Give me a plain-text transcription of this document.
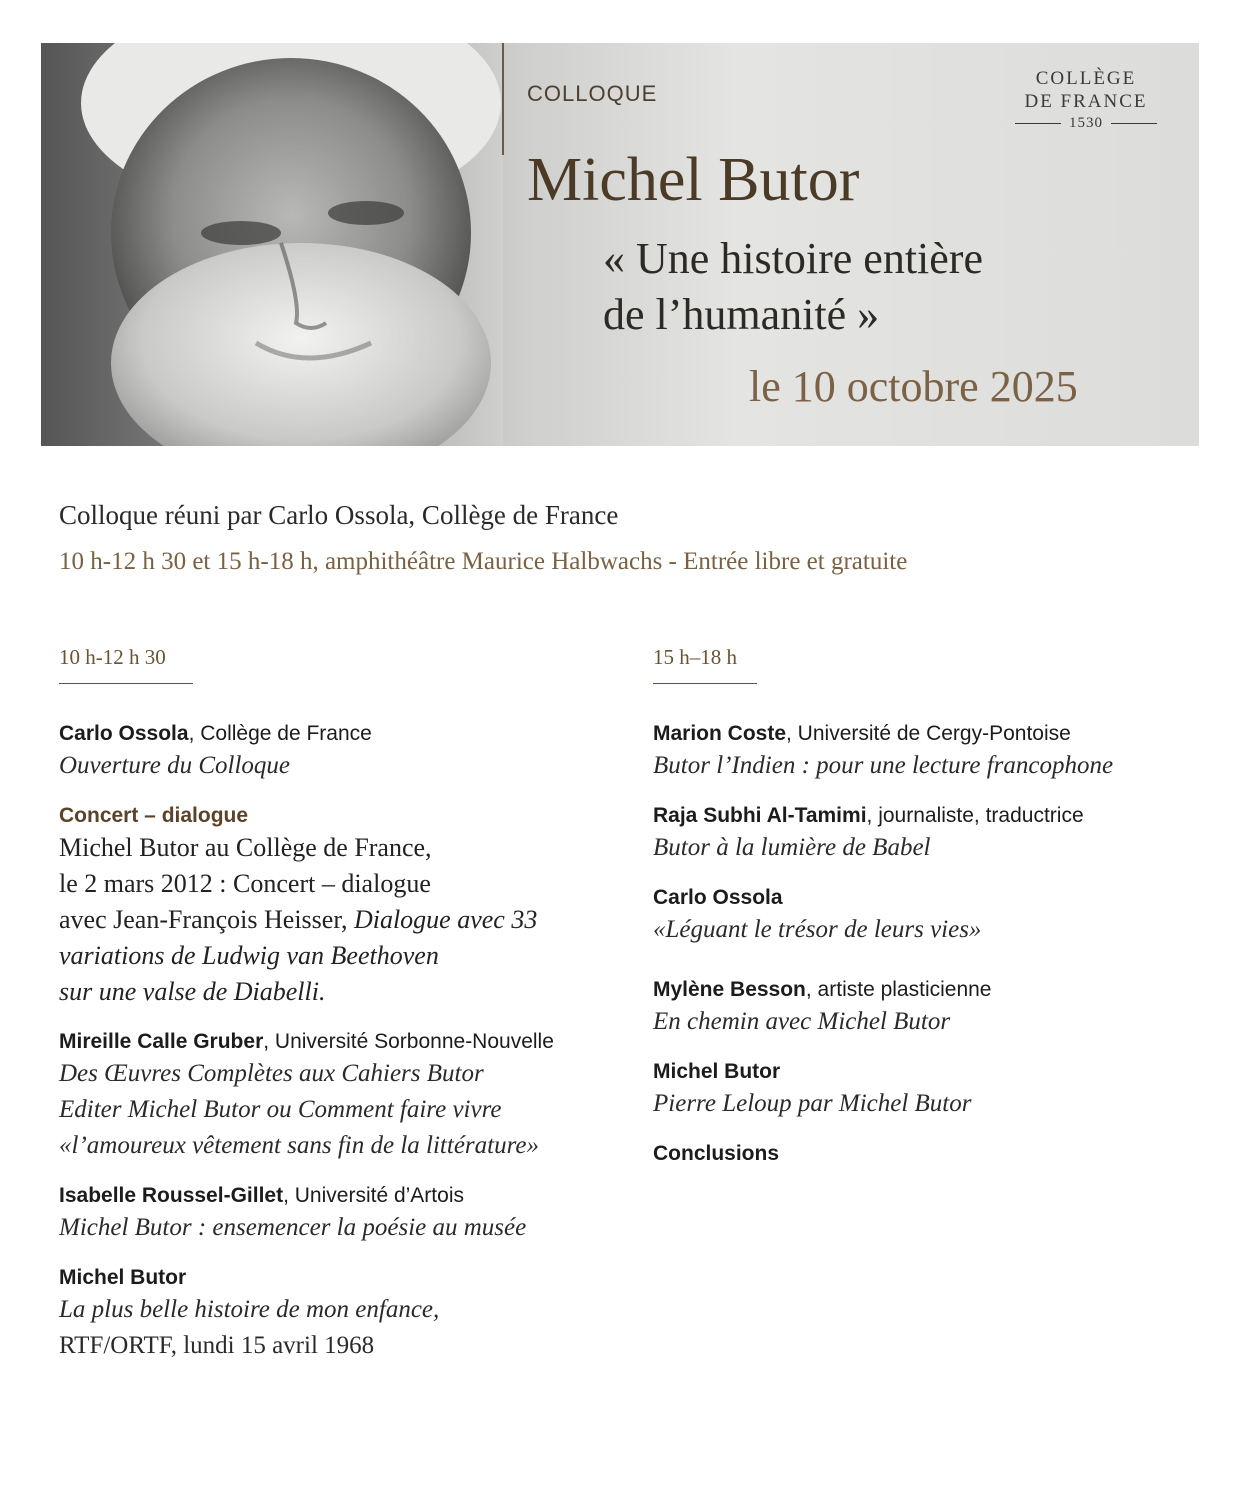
COLLOQUE
COLLÈGE
DE FRANCE
1530
Michel Butor
« Une histoire entière
de l’humanité »
le 10 octobre 2025
Colloque réuni par Carlo Ossola, Collège de France
10 h-12 h 30 et 15 h-18 h, amphithéâtre Maurice Halbwachs - Entrée libre et gratuite
10 h-12 h 30
Carlo Ossola, Collège de France
Ouverture du Colloque
Concert – dialogue
Michel Butor au Collège de France,
le 2 mars 2012 : Concert – dialogue
avec Jean-François Heisser, Dialogue avec 33
variations de Ludwig van Beethoven
sur une valse de Diabelli.
Mireille Calle Gruber, Université Sorbonne-Nouvelle
Des Œuvres Complètes aux Cahiers Butor
Editer Michel Butor ou Comment faire vivre
«l’amoureux vêtement sans fin de la littérature»
Isabelle Roussel-Gillet, Université d’Artois
Michel Butor : ensemencer la poésie au musée
Michel Butor
La plus belle histoire de mon enfance,
RTF/ORTF, lundi 15 avril 1968
15 h–18 h
Marion Coste, Université de Cergy-Pontoise
Butor l’Indien : pour une lecture francophone
Raja Subhi Al-Tamimi, journaliste, traductrice
Butor à la lumière de Babel
Carlo Ossola
«Léguant le trésor de leurs vies»
Mylène Besson, artiste plasticienne
En chemin avec Michel Butor
Michel Butor
Pierre Leloup par Michel Butor
Conclusions
